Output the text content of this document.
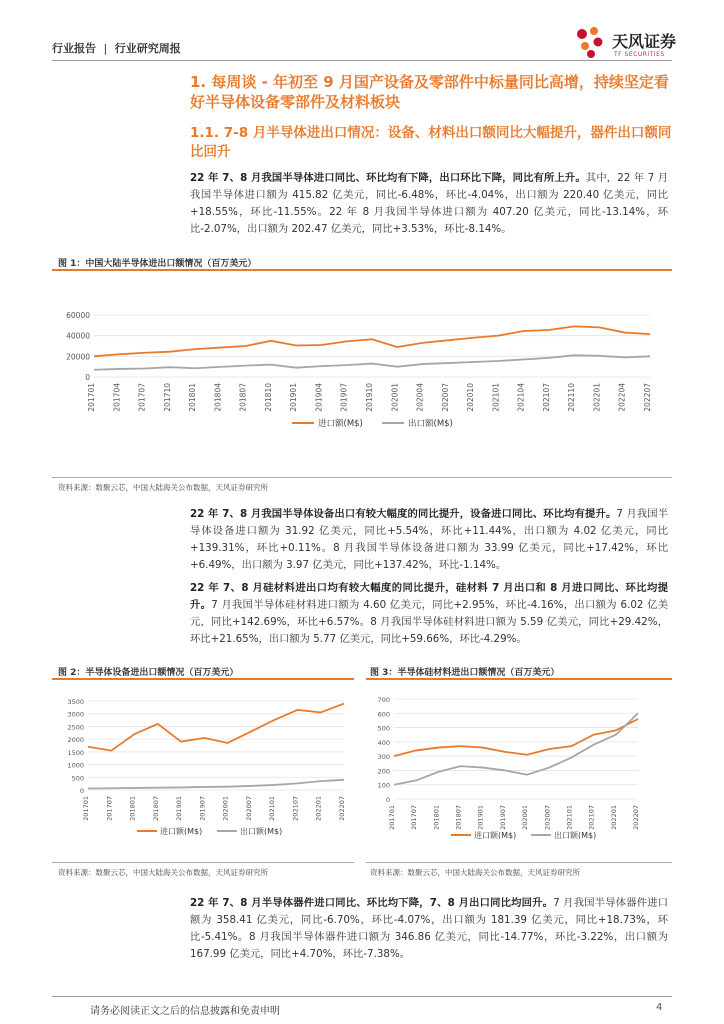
行业报告 | 行业研究周报	天风证券
TF SECURITIES
1. 每周谈 - 年初至 9 月国产设备及零部件中标量同比高增，持续坚定看好半导体设备零部件及材料板块
1.1. 7-8 月半导体进出口情况：设备、材料出口额同比大幅提升，器件出口额同比回升
22 年 7、8 月我国半导体进口同比、环比均有下降，出口环比下降，同比有所上升。其中，22 年 7 月我国半导体进口额为 415.82 亿美元，同比-6.48%，环比-4.04%，出口额为 220.40 亿美元，同比+18.55%，环比-11.55%。22 年 8 月我国半导体进口额为 407.20 亿美元，同比-13.14%，环比-2.07%，出口额为 202.47 亿美元，同比+3.53%，环比-8.14%。
图 1：中国大陆半导体进出口额情况（百万美元）
0
20000
40000
60000
201701 201704 201707 201710 201801 201804 201807 201810 201901 201904 201907 201910 202001 202004 202007 202010 202101 202104 202107 202110 202201 202204 202207
进口额(M$)	出口额(M$)
资料来源：数聚云芯，中国大陆海关公布数据，天风证券研究所
22 年 7、8 月我国半导体设备出口有较大幅度的同比提升，设备进口同比、环比均有提升。7 月我国半导体设备进口额为 31.92 亿美元，同比+5.54%，环比+11.44%，出口额为 4.02 亿美元，同比+139.31%，环比+0.11%。8 月我国半导体设备进口额为 33.99 亿美元，同比+17.42%，环比+6.49%，出口额为 3.97 亿美元，同比+137.42%，环比-1.14%。
22 年 7、8 月硅材料进出口均有较大幅度的同比提升，硅材料 7 月出口和 8 月进口同比、环比均提升。7 月我国半导体硅材料进口额为 4.60 亿美元，同比+2.95%，环比-4.16%，出口额为 6.02 亿美元，同比+142.69%，环比+6.57%。8 月我国半导体硅材料进口额为 5.59 亿美元，同比+29.42%，环比+21.65%，出口额为 5.77 亿美元，同比+59.66%，环比-4.29%。
图 2：半导体设备进出口额情况（百万美元）
0
500
1000
1500
2000
2500
3000
3500
201701 201707 201801 201807 201901 201907 202001 202007 202101 202107 202201 202207
进口额(M$)	出口额(M$)
资料来源：数聚云芯，中国大陆海关公布数据，天风证券研究所
图 3：半导体硅材料进出口额情况（百万美元）
0
100
200
300
400
500
600
700
201701 201707 201801 201807 201901 201907 202001 202007 202101 202107 202201 202207
进口额(M$)	出口额(M$)
资料来源：数聚云芯，中国大陆海关公布数据，天风证券研究所
22 年 7、8 月半导体器件进口同比、环比均下降，7、8 月出口同比均回升。7 月我国半导体器件进口额为 358.41 亿美元，同比-6.70%，环比-4.07%，出口额为 181.39 亿美元，同比+18.73%，环比-5.41%。8 月我国半导体器件进口额为 346.86 亿美元，同比-14.77%，环比-3.22%，出口额为 167.99 亿美元，同比+4.70%，环比-7.38%。
请务必阅读正文之后的信息披露和免责申明	4
